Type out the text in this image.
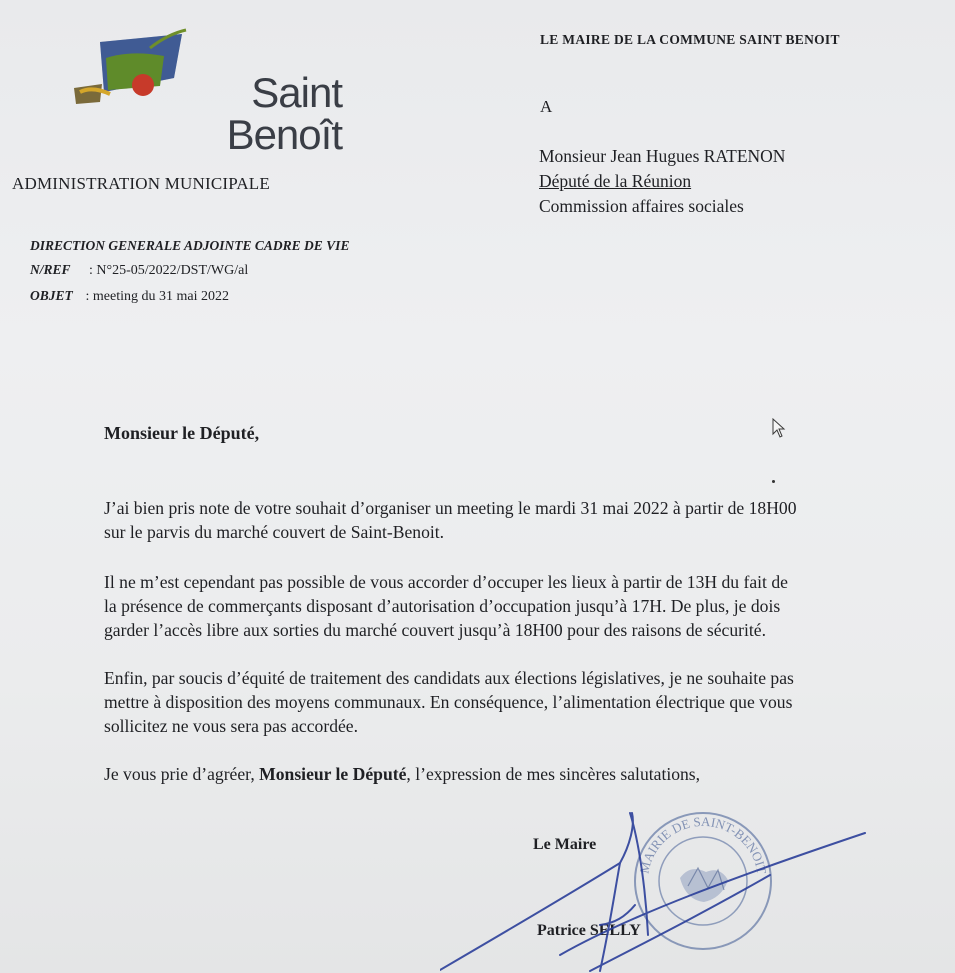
Saint
Benoît
ADMINISTRATION MUNICIPALE
LE MAIRE DE LA COMMUNE SAINT BENOIT
A
Monsieur Jean Hugues RATENON
Député de la Réunion
Commission affaires sociales
DIRECTION GENERALE ADJOINTE CADRE DE VIE
N/REF : N°25-05/2022/DST/WG/al
OBJET : meeting du 31 mai 2022
Monsieur le Député,
J’ai bien pris note de votre souhait d’organiser un meeting le mardi 31 mai 2022 à partir de 18H00
sur le parvis du marché couvert de Saint-Benoit.
Il ne m’est cependant pas possible de vous accorder d’occuper les lieux à partir de 13H du fait de
la présence de commerçants disposant d’autorisation d’occupation jusqu’à 17H. De plus, je dois
garder l’accès libre aux sorties du marché couvert jusqu’à 18H00 pour des raisons de sécurité.
Enfin, par soucis d’équité de traitement des candidats aux élections législatives, je ne souhaite pas
mettre à disposition des moyens communaux. En conséquence, l’alimentation électrique que vous
sollicitez ne vous sera pas accordée.
Je vous prie d’agréer, Monsieur le Député, l’expression de mes sincères salutations,
Le Maire
Patrice SELLY
MAIRIE DE SAINT-BENOIT
